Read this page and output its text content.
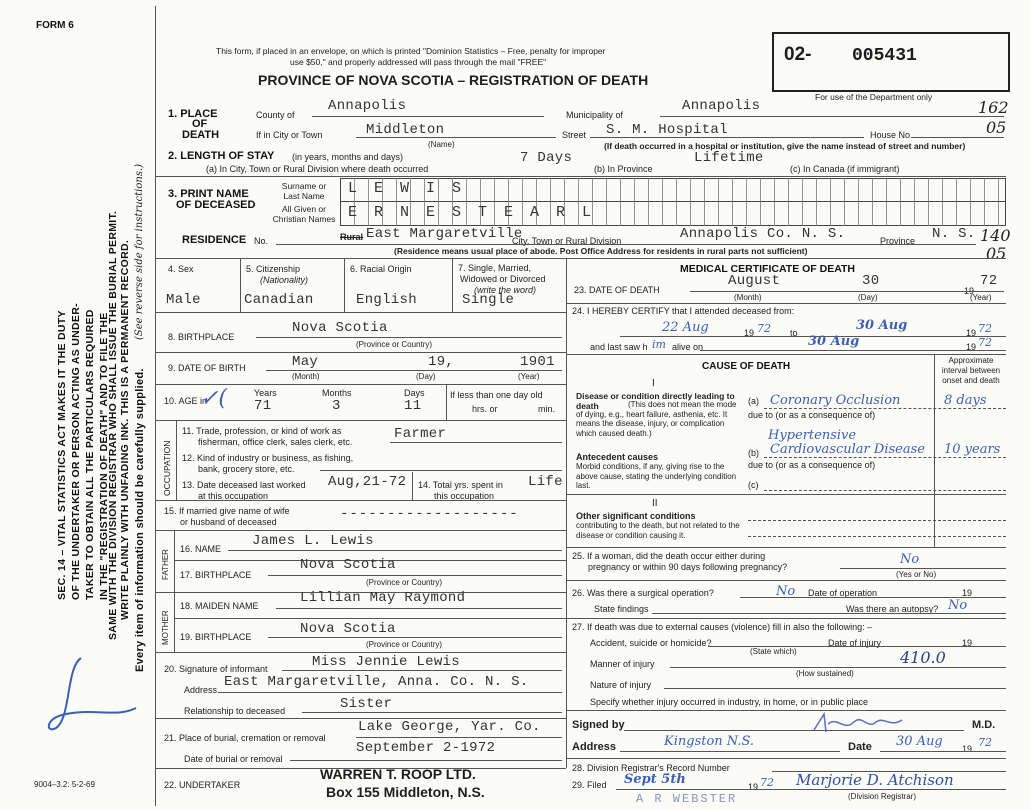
FORM 6
SEC. 14 – VITAL STATISTICS ACT MAKES IT THE DUTY OF THE UNDERTAKER OR PERSON ACTING AS UNDER- TAKER TO OBTAIN ALL THE PARTICULARS REQUIRED IN THE "REGISTRATION OF DEATH" AND TO FILE THE
SAME WITH THE DIVISION REGISTRAR WHO SHALL ISSUE THE BURIAL PERMIT. WRITE PLAINLY WITH UNFADING INK. THIS IS A PERMANENT RECORD. (See reverse side for instructions.)
Every item of information should be carefully supplied.
9004–3.2: 5-2-69
This form, if placed in an envelope, on which is printed "Dominion Statistics – Free, penalty for improper
use $50," and properly addressed will pass through the mail "FREE"
PROVINCE OF NOVA SCOTIA – REGISTRATION OF DEATH
02- 005431
For use of the Department only
162
05
1. PLACE
OF
DEATH
County of
Annapolis
Municipality of
Annapolis
If in City or Town	Middleton
(Name)
Street S. M. Hospital	House No.
(If death occurred in a hospital or institution, give the name instead of street and number)
2. LENGTH OF STAY (in years, months and days)
(a) In City, Town or Rural Division where death occurred
7 Days
(b) In Province
Lifetime
(c) In Canada (if immigrant)
3. PRINT NAME
OF DECEASED
Surname or Last Name
All Given or Christian Names
L E W I S
E R N E S T E A R L
RESIDENCE No.	Rural East Margaretville
City, Town or Rural Division	Annapolis Co. N. S.	Province N. S. 140
05
(Residence means usual place of abode. Post Office Address for residents in rural parts not sufficient)
4. Sex
Male
5. Citizenship
(Nationality)
Canadian
6. Racial Origin
English
7. Single, Married,
Widowed or Divorced
(write the word)
Single
8. BIRTHPLACE
Nova Scotia
(Province or Country)
9. DATE OF BIRTH	May	19,	1901
(Month)	(Day)	(Year)
10. AGE in
✓(	Years	Months	Days
71	3	11
If less than one day old
hrs. or	min.
OCCUPATION
11. Trade, profession, or kind of work as
fisherman, office clerk, sales clerk, etc.	Farmer
12. Kind of industry or business, as fishing,
bank, grocery store, etc.
13. Date deceased last worked
at this occupation
Aug,21-72 14. Total yrs. spent in
this occupation
Life
15. If married give name of wife
or husband of deceased	-------------------
FATHER
16. NAME James L. Lewis
17. BIRTHPLACE
Nova Scotia
(Province or Country)
MOTHER
18. MAIDEN NAME	Lillian May Raymond
19. BIRTHPLACE	Nova Scotia
(Province or Country)
20. Signature of informant	Miss Jennie Lewis
Address East Margaretville, Anna. Co. N. S.
Relationship to deceased	Sister
21. Place of burial, cremation or removal
Lake George, Yar. Co.
Date of burial or removal
September 2-1972
22. UNDERTAKER
WARREN T. ROOP LTD.
Box 155 Middleton, N.S.
MEDICAL CERTIFICATE OF DEATH
23. DATE OF DEATH
August	30
19
72
(Month)	(Day)	(Year)
24. I HEREBY CERTIFY that I attended deceased from:
22 Aug	19 72 to	30 Aug	19 72
and last saw h im alive on	30 Aug	19 72
CAUSE OF DEATH
Approximate interval between onset and death
I
Disease or condition directly leading to death	(This does not mean the mode of dying, e.g., heart failure, asthenia, etc. It means the disease, injury, or complication which caused death.)
(a) Coronary Occlusion	8 days
due to (or as a consequence of)
Hypertensive
Antecedent causes
Morbid conditions, if any, giving rise to the above cause, stating the underlying condition last.
(b) Cardiovascular Disease 10 years
due to (or as a consequence of)
(c)
II
Other significant conditions
contributing to the death, but not related to the disease or condition causing it.
25. If a woman, did the death occur either during
pregnancy or within 90 days following pregnancy?	No
(Yes or No)
26. Was there a surgical operation?	No Date of operation	19
State findings	Was there an autopsy? No
27. If death was due to external causes (violence) fill in also the following: –
Accident, suicide or homicide?	Date of injury	19
(State which)
Manner of injury	410.0
(How sustained)
Nature of injury
Specify whether injury occurred in industry, in home, or in public place
Signed by	M.D.
Address	Kingston N.S.	Date 30 Aug 19 72
28. Division Registrar's Record Number
29. Filed Sept 5th	19 72 Marjorie D. Atchison
A R WEBSTER	(Division Registrar)
